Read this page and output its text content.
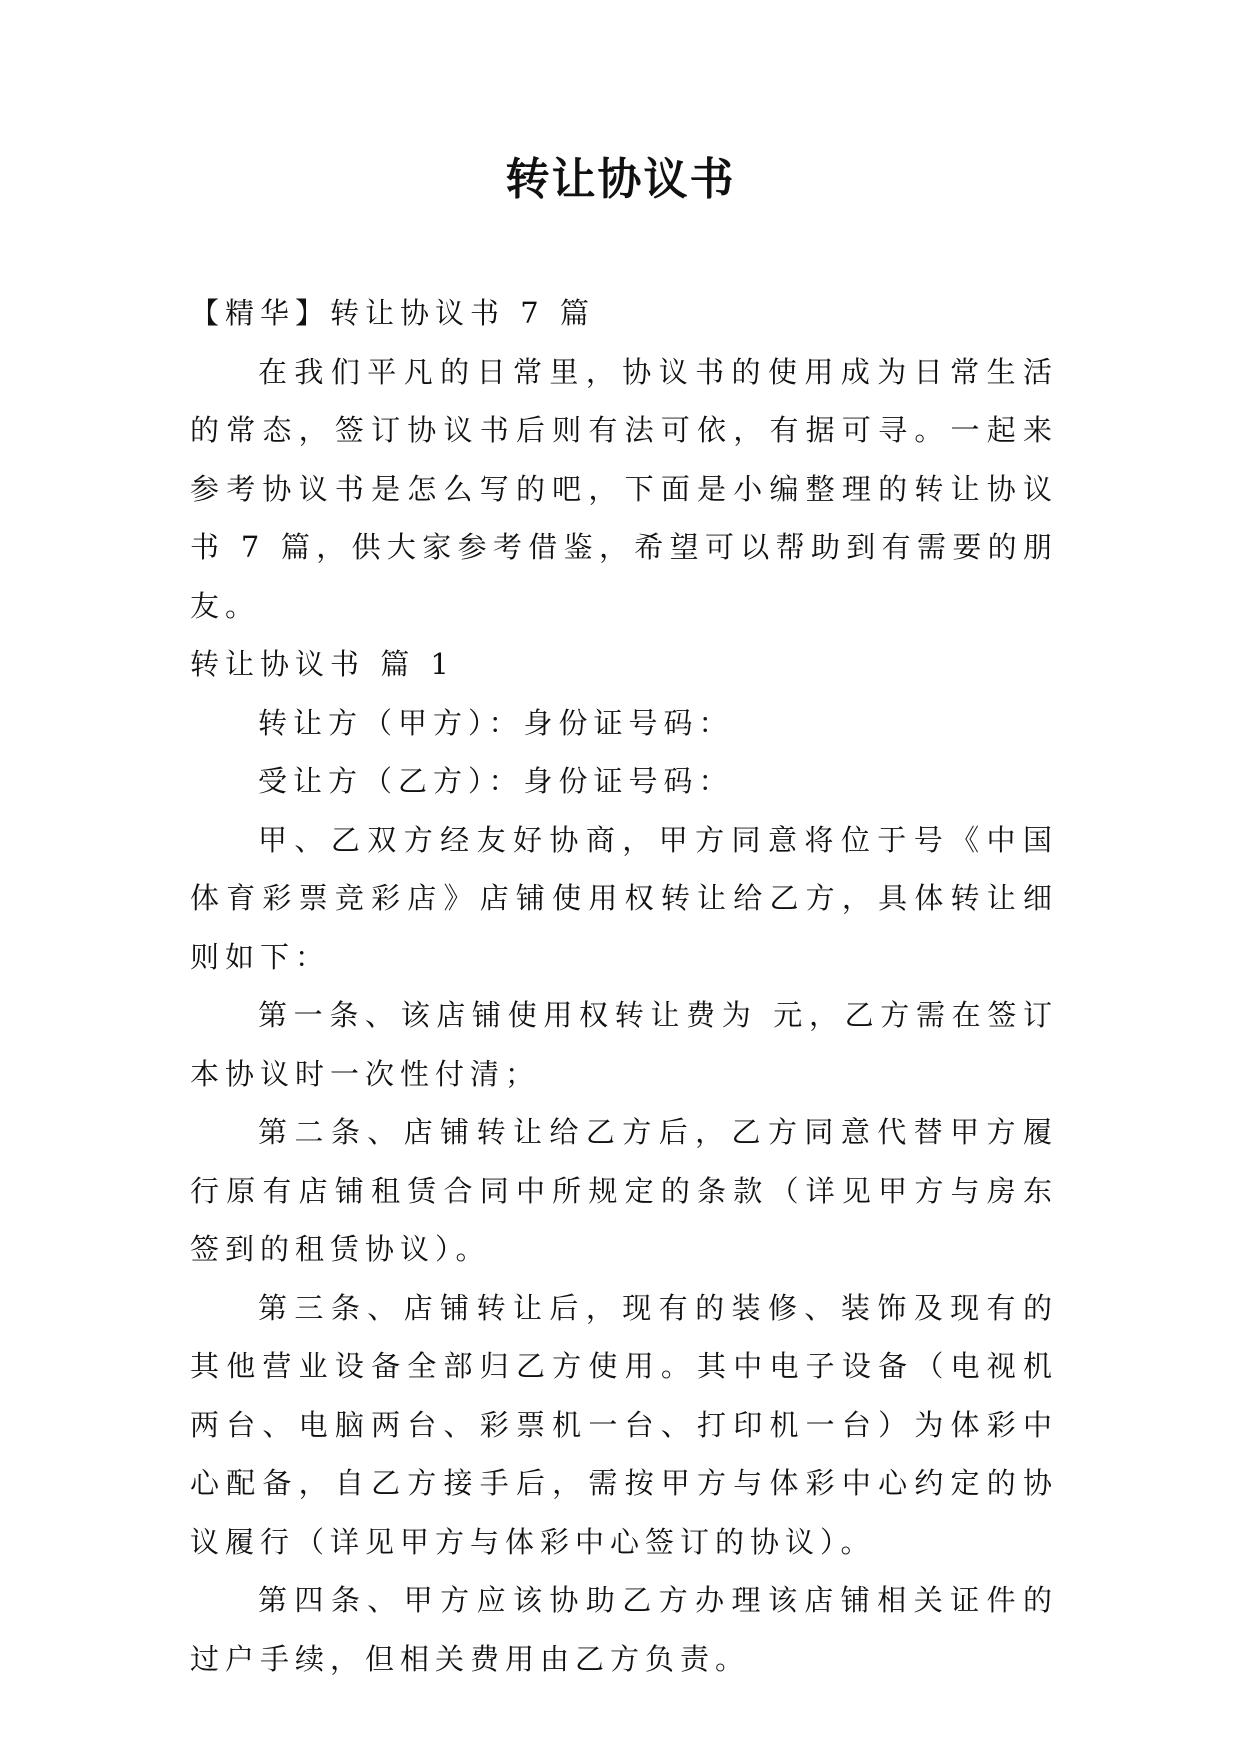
转让协议书

【精华】转让协议书 7 篇

在我们平凡的日常里，协议书的使用成为日常生活的常态，签订协议书后则有法可依，有据可寻。一起来参考协议书是怎么写的吧，下面是小编整理的转让协议书 7 篇，供大家参考借鉴，希望可以帮助到有需要的朋友。

转让协议书 篇 1

转让方（甲方）：身份证号码：

受让方（乙方）：身份证号码：

甲、乙双方经友好协商，甲方同意将位于号《中国体育彩票竞彩店》店铺使用权转让给乙方，具体转让细则如下：

第一条、该店铺使用权转让费为 元，乙方需在签订本协议时一次性付清；

第二条、店铺转让给乙方后，乙方同意代替甲方履行原有店铺租赁合同中所规定的条款（详见甲方与房东签到的租赁协议）。

第三条、店铺转让后，现有的装修、装饰及现有的其他营业设备全部归乙方使用。其中电子设备（电视机两台、电脑两台、彩票机一台、打印机一台）为体彩中心配备，自乙方接手后，需按甲方与体彩中心约定的协议履行（详见甲方与体彩中心签订的协议）。

第四条、甲方应该协助乙方办理该店铺相关证件的过户手续，但相关费用由乙方负责。
